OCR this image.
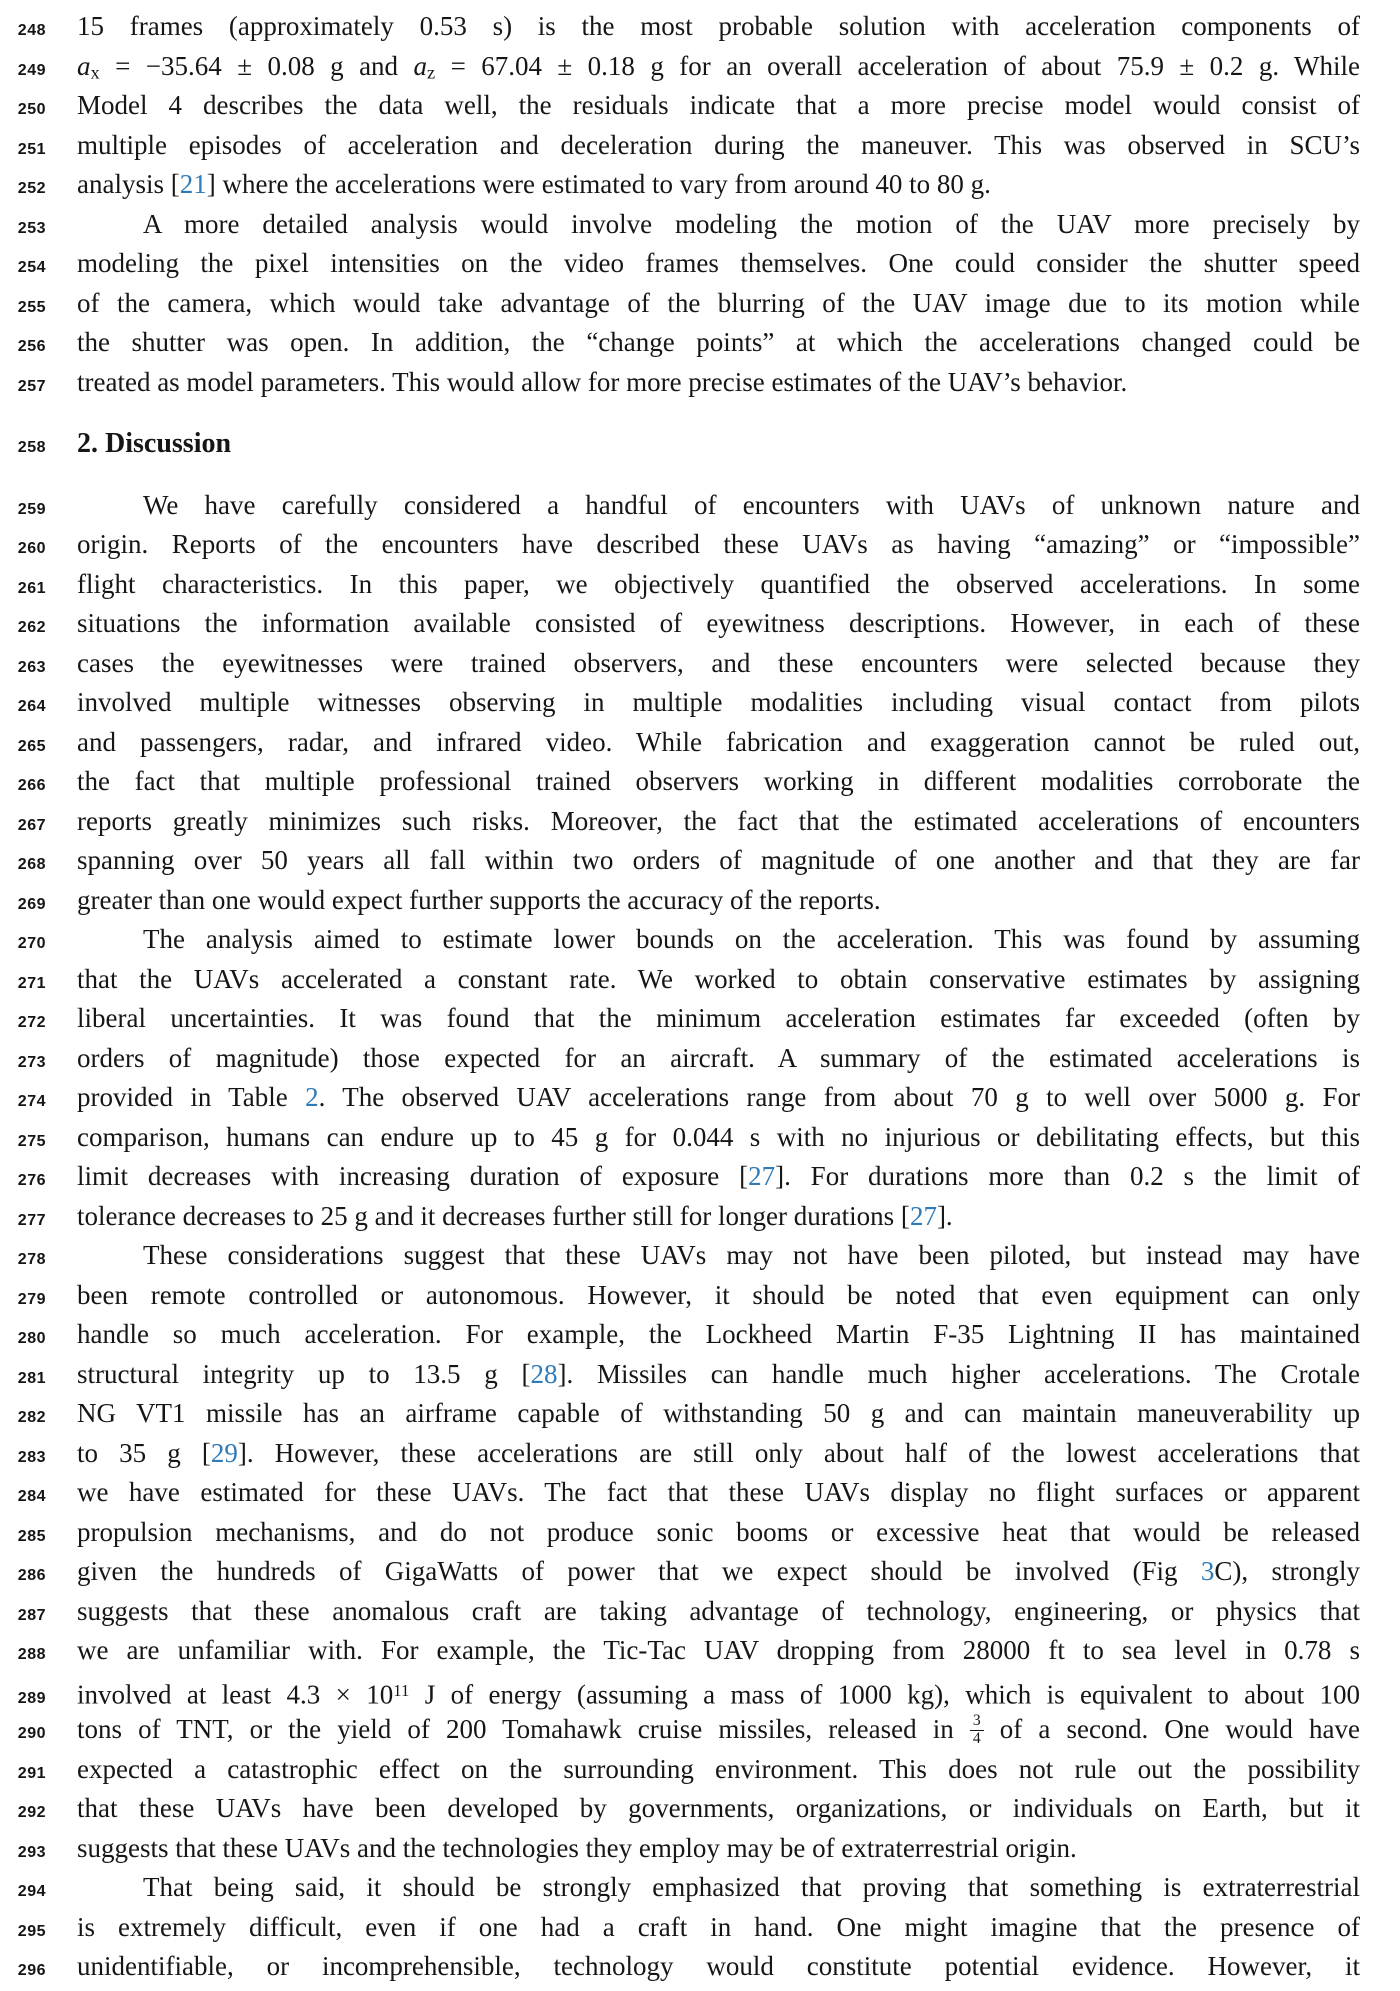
248 15 frames (approximately 0.53 s) is the most probable solution with acceleration components of
249 ax = −35.64 ± 0.08 g and az = 67.04 ± 0.18 g for an overall acceleration of about 75.9 ± 0.2 g. While
250 Model 4 describes the data well, the residuals indicate that a more precise model would consist of
251 multiple episodes of acceleration and deceleration during the maneuver. This was observed in SCU’s
252 analysis [21] where the accelerations were estimated to vary from around 40 to 80 g.
253	A more detailed analysis would involve modeling the motion of the UAV more precisely by
254 modeling the pixel intensities on the video frames themselves. One could consider the shutter speed
255 of the camera, which would take advantage of the blurring of the UAV image due to its motion while
256 the shutter was open. In addition, the “change points” at which the accelerations changed could be
257 treated as model parameters. This would allow for more precise estimates of the UAV’s behavior.
258 2. Discussion
259	We have carefully considered a handful of encounters with UAVs of unknown nature and
260 origin. Reports of the encounters have described these UAVs as having “amazing” or “impossible”
261 flight characteristics. In this paper, we objectively quantified the observed accelerations. In some
262 situations the information available consisted of eyewitness descriptions. However, in each of these
263 cases the eyewitnesses were trained observers, and these encounters were selected because they
264 involved multiple witnesses observing in multiple modalities including visual contact from pilots
265 and passengers, radar, and infrared video. While fabrication and exaggeration cannot be ruled out,
266 the fact that multiple professional trained observers working in different modalities corroborate the
267 reports greatly minimizes such risks. Moreover, the fact that the estimated accelerations of encounters
268 spanning over 50 years all fall within two orders of magnitude of one another and that they are far
269 greater than one would expect further supports the accuracy of the reports.
270	The analysis aimed to estimate lower bounds on the acceleration. This was found by assuming
271 that the UAVs accelerated a constant rate. We worked to obtain conservative estimates by assigning
272 liberal uncertainties. It was found that the minimum acceleration estimates far exceeded (often by
273 orders of magnitude) those expected for an aircraft. A summary of the estimated accelerations is
274 provided in Table 2. The observed UAV accelerations range from about 70 g to well over 5000 g. For
275 comparison, humans can endure up to 45 g for 0.044 s with no injurious or debilitating effects, but this
276 limit decreases with increasing duration of exposure [27]. For durations more than 0.2 s the limit of
277 tolerance decreases to 25 g and it decreases further still for longer durations [27].
278	These considerations suggest that these UAVs may not have been piloted, but instead may have
279 been remote controlled or autonomous. However, it should be noted that even equipment can only
280 handle so much acceleration. For example, the Lockheed Martin F-35 Lightning II has maintained
281 structural integrity up to 13.5 g [28]. Missiles can handle much higher accelerations. The Crotale
282 NG VT1 missile has an airframe capable of withstanding 50 g and can maintain maneuverability up
283 to 35 g [29]. However, these accelerations are still only about half of the lowest accelerations that
284 we have estimated for these UAVs. The fact that these UAVs display no flight surfaces or apparent
285 propulsion mechanisms, and do not produce sonic booms or excessive heat that would be released
286 given the hundreds of GigaWatts of power that we expect should be involved (Fig 3C), strongly
287 suggests that these anomalous craft are taking advantage of technology, engineering, or physics that
288 we are unfamiliar with. For example, the Tic-Tac UAV dropping from 28000 ft to sea level in 0.78 s
289 involved at least $4.3 \times 10^{11}$ J of energy (assuming a mass of 1000 kg), which is equivalent to about 100
290 tons of TNT, or the yield of 200 Tomahawk cruise missiles, released in $\frac{3}{4}$ of a second. One would have
291 expected a catastrophic effect on the surrounding environment. This does not rule out the possibility
292 that these UAVs have been developed by governments, organizations, or individuals on Earth, but it
293 suggests that these UAVs and the technologies they employ may be of extraterrestrial origin.
294	That being said, it should be strongly emphasized that proving that something is extraterrestrial
295 is extremely difficult, even if one had a craft in hand. One might imagine that the presence of
296 unidentifiable, or incomprehensible, technology would constitute potential evidence. However, it
